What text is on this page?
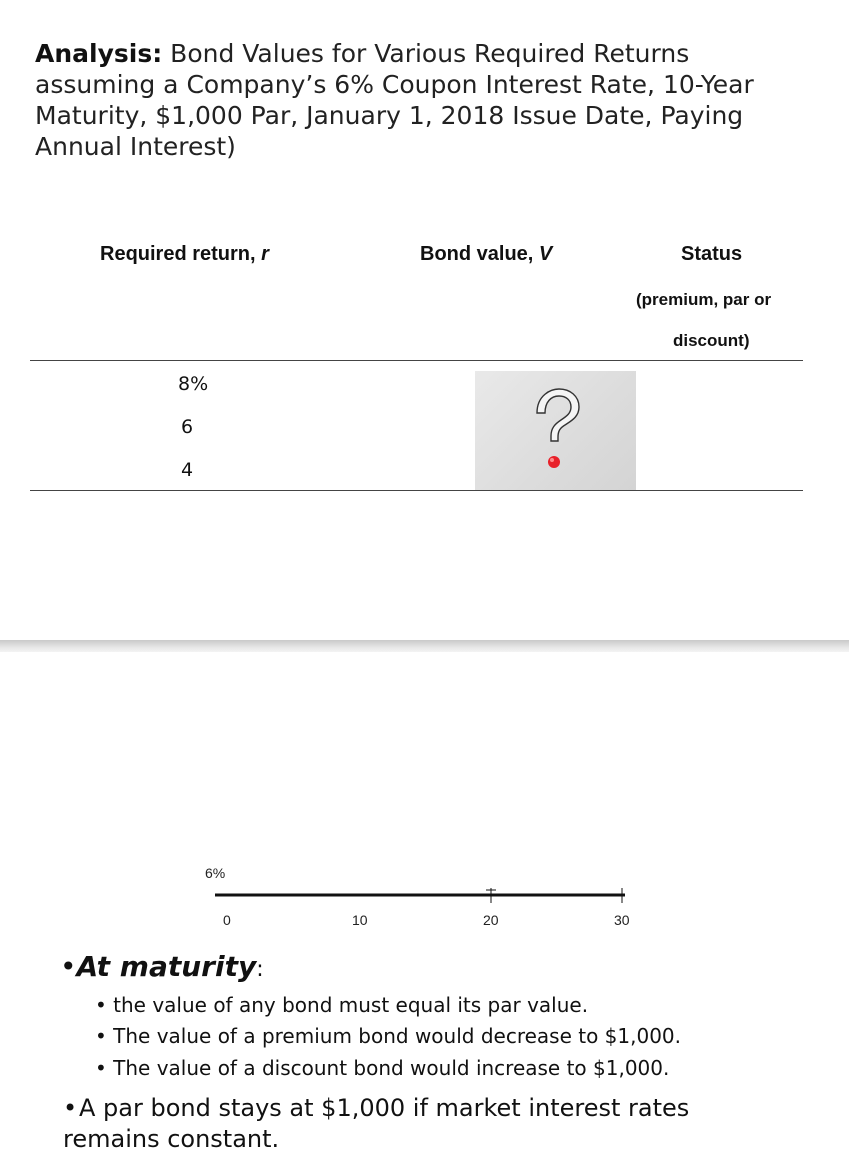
Analysis: Bond Values for Various Required Returns assuming a Company’s 6% Coupon Interest Rate, 10-Year Maturity, $1,000 Par, January 1, 2018 Issue Date, Paying Annual Interest)

Required return, r	Bond value, V	Status
(premium, par or
discount)
8%
6
4
6%
0	10	20	30
•At maturity:
• the value of any bond must equal its par value.
• The value of a premium bond would decrease to $1,000.
• The value of a discount bond would increase to $1,000.
•A par bond stays at $1,000 if market interest rates remains constant.
